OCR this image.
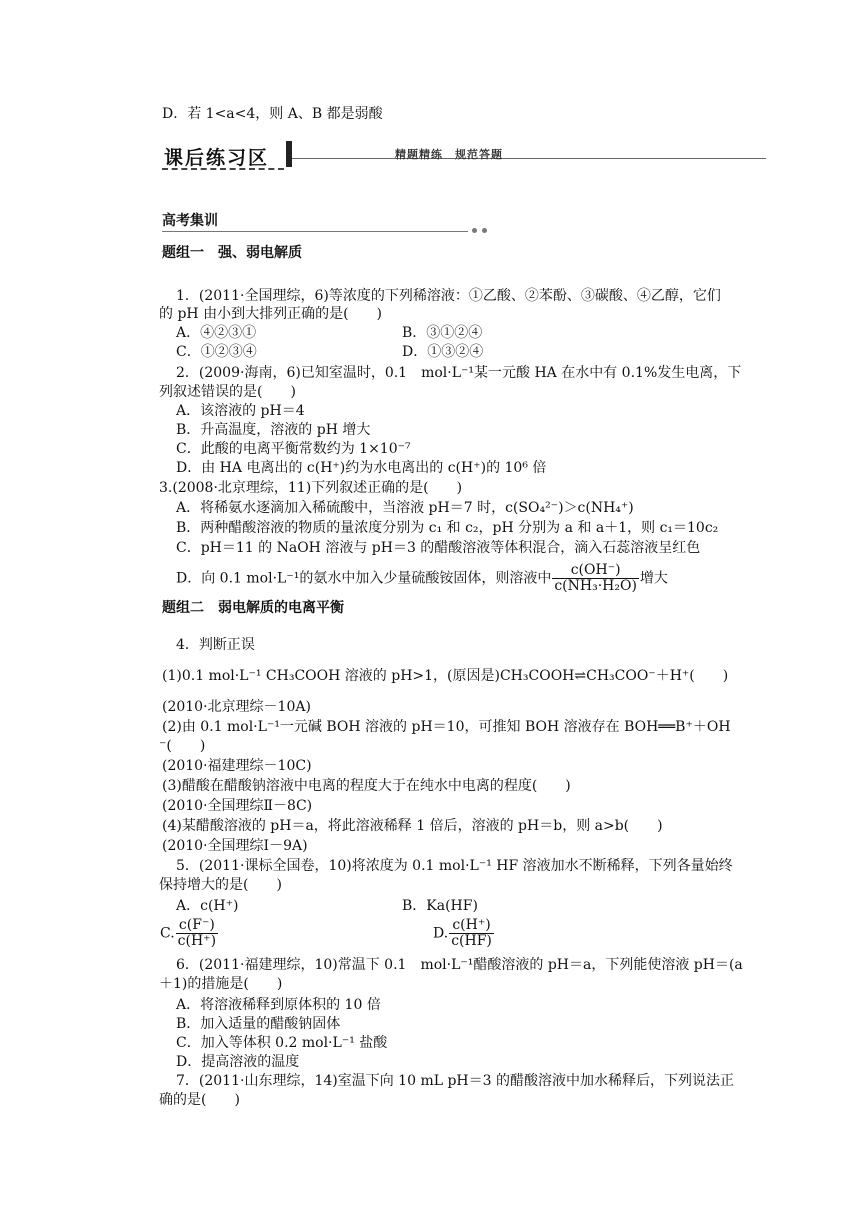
D．若 1<a<4，则 A、B 都是弱酸
课后练习区	精题精练　规范答题
高考集训
题组一　强、弱电解质
1．(2011·全国理综，6)等浓度的下列稀溶液：①乙酸、②苯酚、③碳酸、④乙醇，它们
的 pH 由小到大排列正确的是(　　)
A．④②③①	B．③①②④
C．①②③④	D．①③②④
2．(2009·海南，6)已知室温时，0.1　mol·L⁻¹某一元酸 HA 在水中有 0.1%发生电离，下
列叙述错误的是(　　)
A．该溶液的 pH＝4
B．升高温度，溶液的 pH 增大
C．此酸的电离平衡常数约为 1×10⁻⁷
D．由 HA 电离出的 c(H⁺)约为水电离出的 c(H⁺)的 10⁶ 倍
3.(2008·北京理综，11)下列叙述正确的是(　　)
A．将稀氨水逐滴加入稀硫酸中，当溶液 pH＝7 时，c(SO₄²⁻)＞c(NH₄⁺)
B．两种醋酸溶液的物质的量浓度分别为 c₁ 和 c₂，pH 分别为 a 和 a＋1，则 c₁＝10c₂
C．pH＝11 的 NaOH 溶液与 pH＝3 的醋酸溶液等体积混合，滴入石蕊溶液呈红色
D．向 0.1 mol·L⁻¹的氨水中加入少量硫酸铵固体，则溶液中 $\frac{c(OH^-)}{\text{c(NH₃·H₂O)}}$ 增大
题组二　弱电解质的电离平衡
4．判断正误
(1)0.1 mol·L⁻¹ CH₃COOH 溶液的 pH>1，(原因是)CH₃COOH⇌CH₃COO⁻＋H⁺(　　)
(2010·北京理综－10A)
(2)由 0.1 mol·L⁻¹一元碱 BOH 溶液的 pH＝10，可推知 BOH 溶液存在 BOH══B⁺＋OH
⁻(　　)
(2010·福建理综－10C)
(3)醋酸在醋酸钠溶液中电离的程度大于在纯水中电离的程度(　　)
(2010·全国理综Ⅱ－8C)
(4)某醋酸溶液的 pH＝a，将此溶液稀释 1 倍后，溶液的 pH＝b，则 a>b(　　)
(2010·全国理综Ⅰ－9A)
5．(2011·课标全国卷，10)将浓度为 0.1 mol·L⁻¹ HF 溶液加水不断稀释，下列各量始终
保持增大的是(　　)
A．c(H⁺)	B．Ka(HF)
C. $\frac{c(F^-)}{c(H^+)}$	D. $\frac{c(H^+)}{c(HF)}$
6．(2011·福建理综，10)常温下 0.1　mol·L⁻¹醋酸溶液的 pH＝a，下列能使溶液 pH＝(a
＋1)的措施是(　　)
A．将溶液稀释到原体积的 10 倍
B．加入适量的醋酸钠固体
C．加入等体积 0.2 mol·L⁻¹ 盐酸
D．提高溶液的温度
7．(2011·山东理综，14)室温下向 10 mL pH＝3 的醋酸溶液中加水稀释后，下列说法正
确的是(　　)
